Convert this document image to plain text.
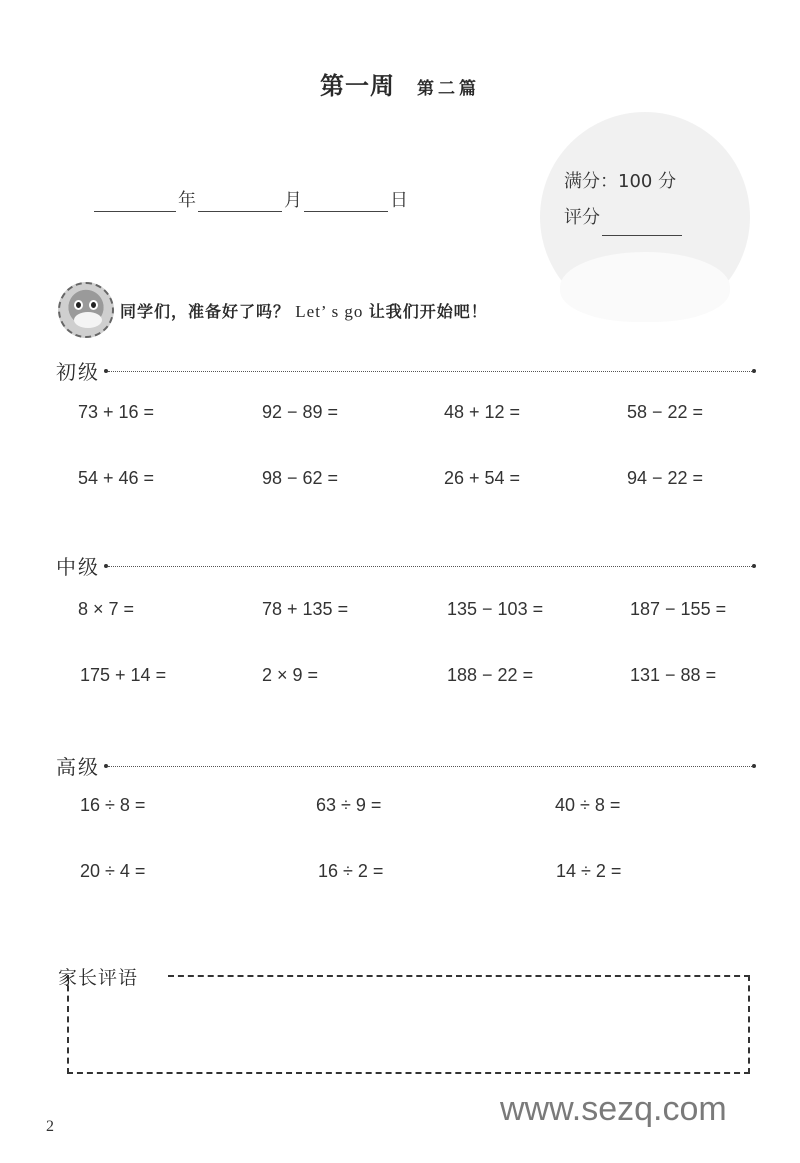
第一周 第二篇
年	月	日
满分：100 分
评分
同学们，准备好了吗？ Let’ s go 让我们开始吧！
初级
73 + 16 =	92 − 89 =	48 + 12 =	58 − 22 =
54 + 46 =	98 − 62 =	26 + 54 =	94 − 22 =
中级
8 × 7 =	78 + 135 =	135 − 103 =	187 − 155 =
175 + 14 =	2 × 9 =	188 − 22 =	131 − 88 =
高级
16 ÷ 8 =	63 ÷ 9 =	40 ÷ 8 =
20 ÷ 4 =	16 ÷ 2 =	14 ÷ 2 =
家长评语
2	www.sezq.com
